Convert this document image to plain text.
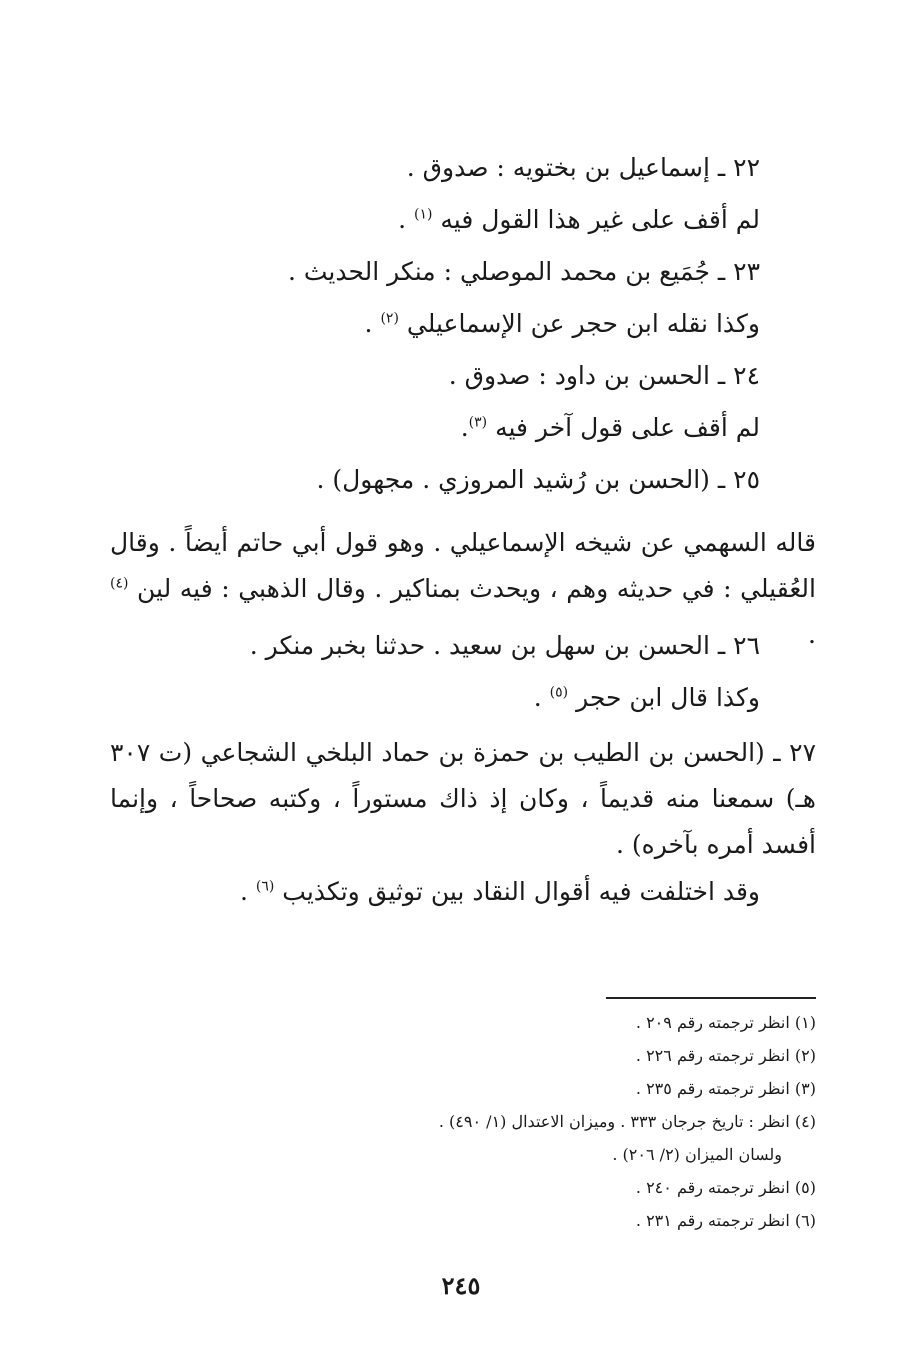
٢٢ ـ إسماعيل بن بختويه : صدوق .

لم أقف على غير هذا القول فيه $^{(١)}$ .

٢٣ ـ جُمَيع بن محمد الموصلي : منكر الحديث .

وكذا نقله ابن حجر عن الإسماعيلي $^{(٢)}$ .

٢٤ ـ الحسن بن داود : صدوق .

لم أقف على قول آخر فيه $^{(٣)}$.

٢٥ ـ (الحسن بن رُشيد المروزي . مجهول) .

قاله السهمي عن شيخه الإسماعيلي . وهو قول أبي حاتم أيضاً . وقال العُقيلي : في حديثه وهم ، ويحدث بمناكير . وقال الذهبي : فيه لين $^{(٤)}$ .

٢٦ ـ الحسن بن سهل بن سعيد . حدثنا بخبر منكر .

وكذا قال ابن حجر $^{(٥)}$ .

٢٧ ـ (الحسن بن الطيب بن حمزة بن حماد البلخي الشجاعي (ت ٣٠٧ هـ) سمعنا منه قديماً ، وكان إذ ذاك مستوراً ، وكتبه صحاحاً ، وإنما أفسد أمره بآخره) .

وقد اختلفت فيه أقوال النقاد بين توثيق وتكذيب $^{(٦)}$ .

(١) انظر ترجمته رقم ٢٠٩ .

(٢) انظر ترجمته رقم ٢٢٦ .

(٣) انظر ترجمته رقم ٢٣٥ .

(٤) انظر : تاريخ جرجان ٣٣٣ . وميزان الاعتدال (١/ ٤٩٠) .

ولسان الميزان (٢/ ٢٠٦) .

(٥) انظر ترجمته رقم ٢٤٠ .

(٦) انظر ترجمته رقم ٢٣١ .

٢٤٥
